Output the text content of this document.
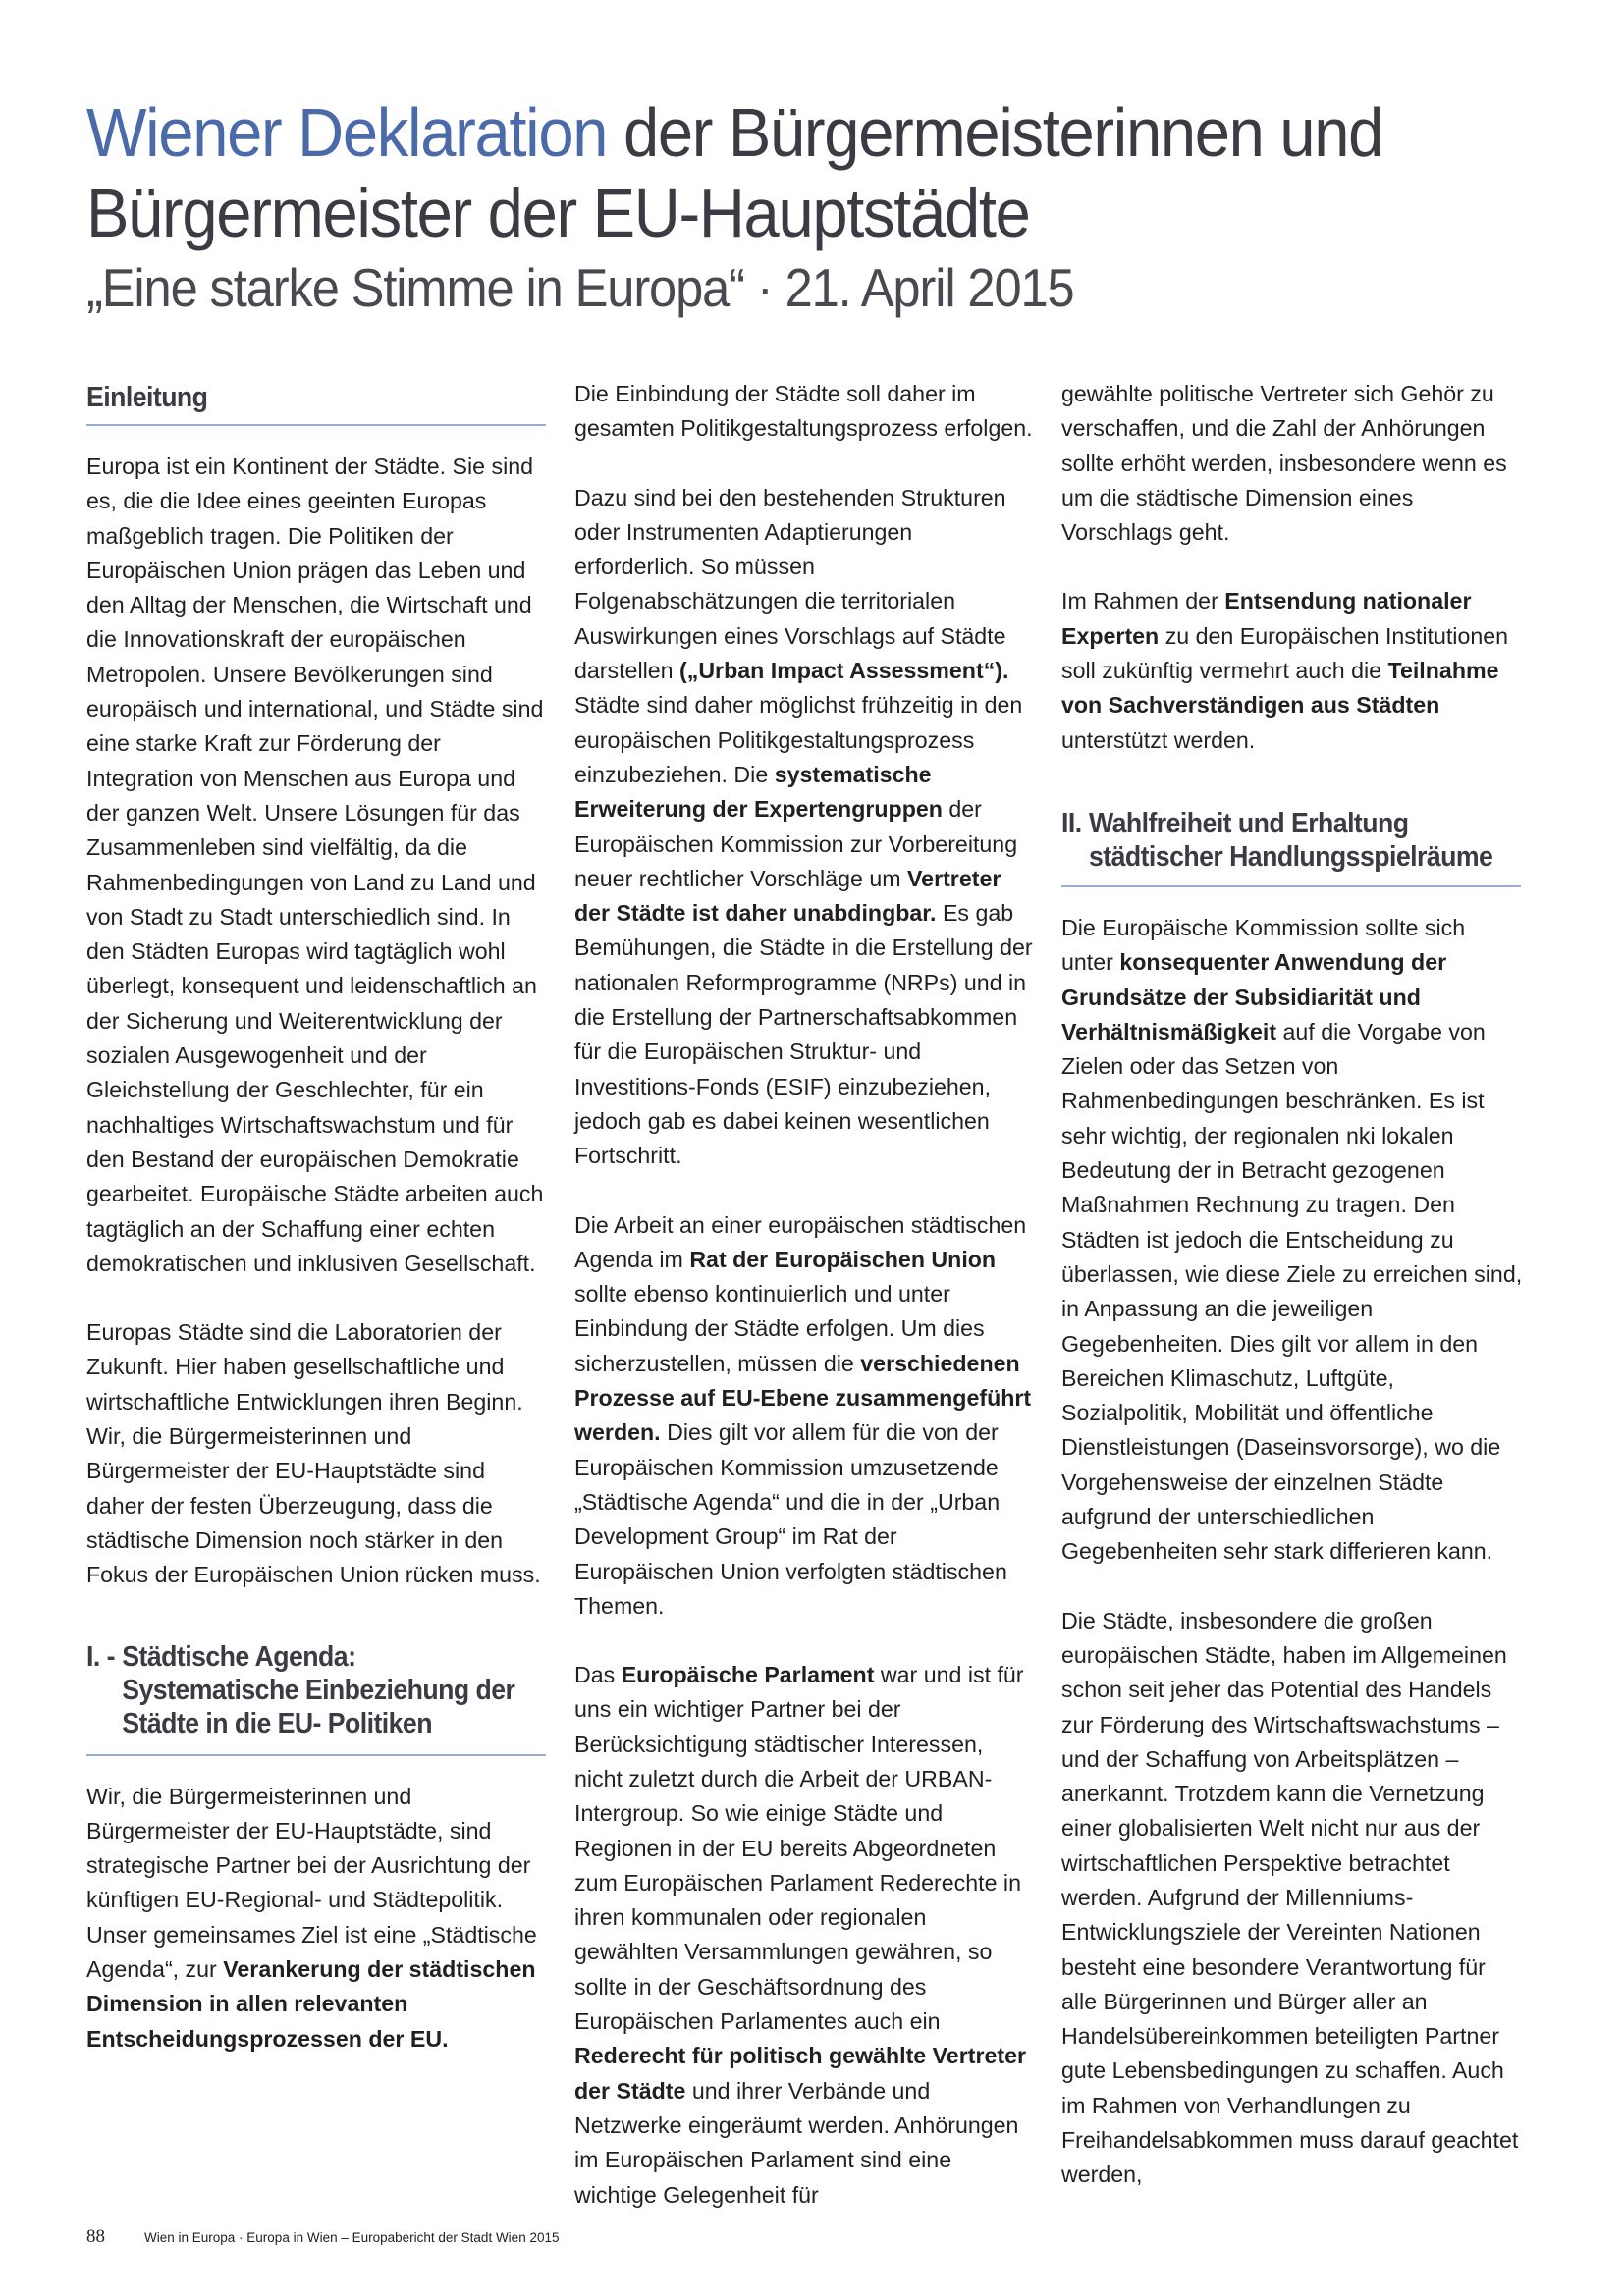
Wiener Deklaration der Bürgermeisterinnen und Bürgermeister der EU-Hauptstädte
„Eine starke Stimme in Europa“ · 21. April 2015
Einleitung

Europa ist ein Kontinent der Städte. Sie sind es, die die Idee eines geeinten Europas maßgeblich tragen. Die Politiken der Europäischen Union prägen das Leben und den Alltag der Menschen, die Wirtschaft und die Innovationskraft der europäischen Metropolen. Unsere Bevölkerungen sind europäisch und international, und Städte sind eine starke Kraft zur Förderung der Integration von Menschen aus Europa und der ganzen Welt. Unsere Lösungen für das Zusammenleben sind vielfältig, da die Rahmenbedingungen von Land zu Land und von Stadt zu Stadt unterschiedlich sind. In den Städten Europas wird tagtäglich wohl überlegt, konsequent und leidenschaftlich an der Sicherung und Weiterentwicklung der sozialen Ausgewogenheit und der Gleichstellung der Geschlechter, für ein nachhaltiges Wirtschaftswachstum und für den Bestand der europäischen Demokratie gearbeitet. Europäische Städte arbeiten auch tagtäglich an der Schaffung einer echten demokratischen und inklusiven Gesellschaft.

Europas Städte sind die Laboratorien der Zukunft. Hier haben gesellschaftliche und wirtschaftliche Entwicklungen ihren Beginn. Wir, die Bürgermeisterinnen und Bürgermeister der EU-Hauptstädte sind daher der festen Überzeugung, dass die städtische Dimension noch stärker in den Fokus der Europäischen Union rücken muss.

I. - Städtische Agenda: Systematische Einbeziehung der Städte in die EU- Politiken

Wir, die Bürgermeisterinnen und Bürgermeister der EU-Hauptstädte, sind strategische Partner bei der Ausrichtung der künftigen EU-Regional- und Städtepolitik. Unser gemeinsames Ziel ist eine „Städtische Agenda“, zur Verankerung der städtischen Dimension in allen relevanten Entscheidungsprozessen der EU.

Die Einbindung der Städte soll daher im gesamten Politikgestaltungsprozess erfolgen.

Dazu sind bei den bestehenden Strukturen oder Instrumenten Adaptierungen erforderlich. So müssen Folgenabschätzungen die territorialen Auswirkungen eines Vorschlags auf Städte darstellen („Urban Impact Assessment“). Städte sind daher möglichst frühzeitig in den europäischen Politikgestaltungsprozess einzubeziehen. Die systematische Erweiterung der Expertengruppen der Europäischen Kommission zur Vorbereitung neuer rechtlicher Vorschläge um Vertreter der Städte ist daher unabdingbar. Es gab Bemühungen, die Städte in die Erstellung der nationalen Reformprogramme (NRPs) und in die Erstellung der Partnerschaftsabkommen für die Europäischen Struktur- und Investitions-Fonds (ESIF) einzubeziehen, jedoch gab es dabei keinen wesentlichen Fortschritt.

Die Arbeit an einer europäischen städtischen Agenda im Rat der Europäischen Union sollte ebenso kontinuierlich und unter Einbindung der Städte erfolgen. Um dies sicherzustellen, müssen die verschiedenen Prozesse auf EU-Ebene zusammengeführt werden. Dies gilt vor allem für die von der Europäischen Kommission umzusetzende „Städtische Agenda“ und die in der „Urban Development Group“ im Rat der Europäischen Union verfolgten städtischen Themen.

Das Europäische Parlament war und ist für uns ein wichtiger Partner bei der Berücksichtigung städtischer Interessen, nicht zuletzt durch die Arbeit der URBAN-Intergroup. So wie einige Städte und Regionen in der EU bereits Abgeordneten zum Europäischen Parlament Rederechte in ihren kommunalen oder regionalen gewählten Versammlungen gewähren, so sollte in der Geschäftsordnung des Europäischen Parlamentes auch ein Rederecht für politisch gewählte Vertreter der Städte und ihrer Verbände und Netzwerke eingeräumt werden. Anhörungen im Europäischen Parlament sind eine wichtige Gelegenheit für

gewählte politische Vertreter sich Gehör zu verschaffen, und die Zahl der Anhörungen sollte erhöht werden, insbesondere wenn es um die städtische Dimension eines Vorschlags geht.

Im Rahmen der Entsendung nationaler Experten zu den Europäischen Institutionen soll zukünftig vermehrt auch die Teilnahme von Sachverständigen aus Städten unterstützt werden.

II. Wahlfreiheit und Erhaltung städtischer Handlungsspielräume

Die Europäische Kommission sollte sich unter konsequenter Anwendung der Grundsätze der Subsidiarität und Verhältnismäßigkeit auf die Vorgabe von Zielen oder das Setzen von Rahmenbedingungen beschränken. Es ist sehr wichtig, der regionalen nki lokalen Bedeutung der in Betracht gezogenen Maßnahmen Rechnung zu tragen. Den Städten ist jedoch die Entscheidung zu überlassen, wie diese Ziele zu erreichen sind, in Anpassung an die jeweiligen Gegebenheiten. Dies gilt vor allem in den Bereichen Klimaschutz, Luftgüte, Sozialpolitik, Mobilität und öffentliche Dienstleistungen (Daseinsvorsorge), wo die Vorgehensweise der einzelnen Städte aufgrund der unterschiedlichen Gegebenheiten sehr stark differieren kann.

Die Städte, insbesondere die großen europäischen Städte, haben im Allgemeinen schon seit jeher das Potential des Handels zur Förderung des Wirtschaftswachstums – und der Schaffung von Arbeitsplätzen – anerkannt. Trotzdem kann die Vernetzung einer globalisierten Welt nicht nur aus der wirtschaftlichen Perspektive betrachtet werden. Aufgrund der Millenniums-Entwicklungsziele der Vereinten Nationen besteht eine besondere Verantwortung für alle Bürgerinnen und Bürger aller an Handelsübereinkommen beteiligten Partner gute Lebensbedingungen zu schaffen. Auch im Rahmen von Verhandlungen zu Freihandelsabkommen muss darauf geachtet werden,

88	Wien in Europa · Europa in Wien – Europabericht der Stadt Wien 2015
